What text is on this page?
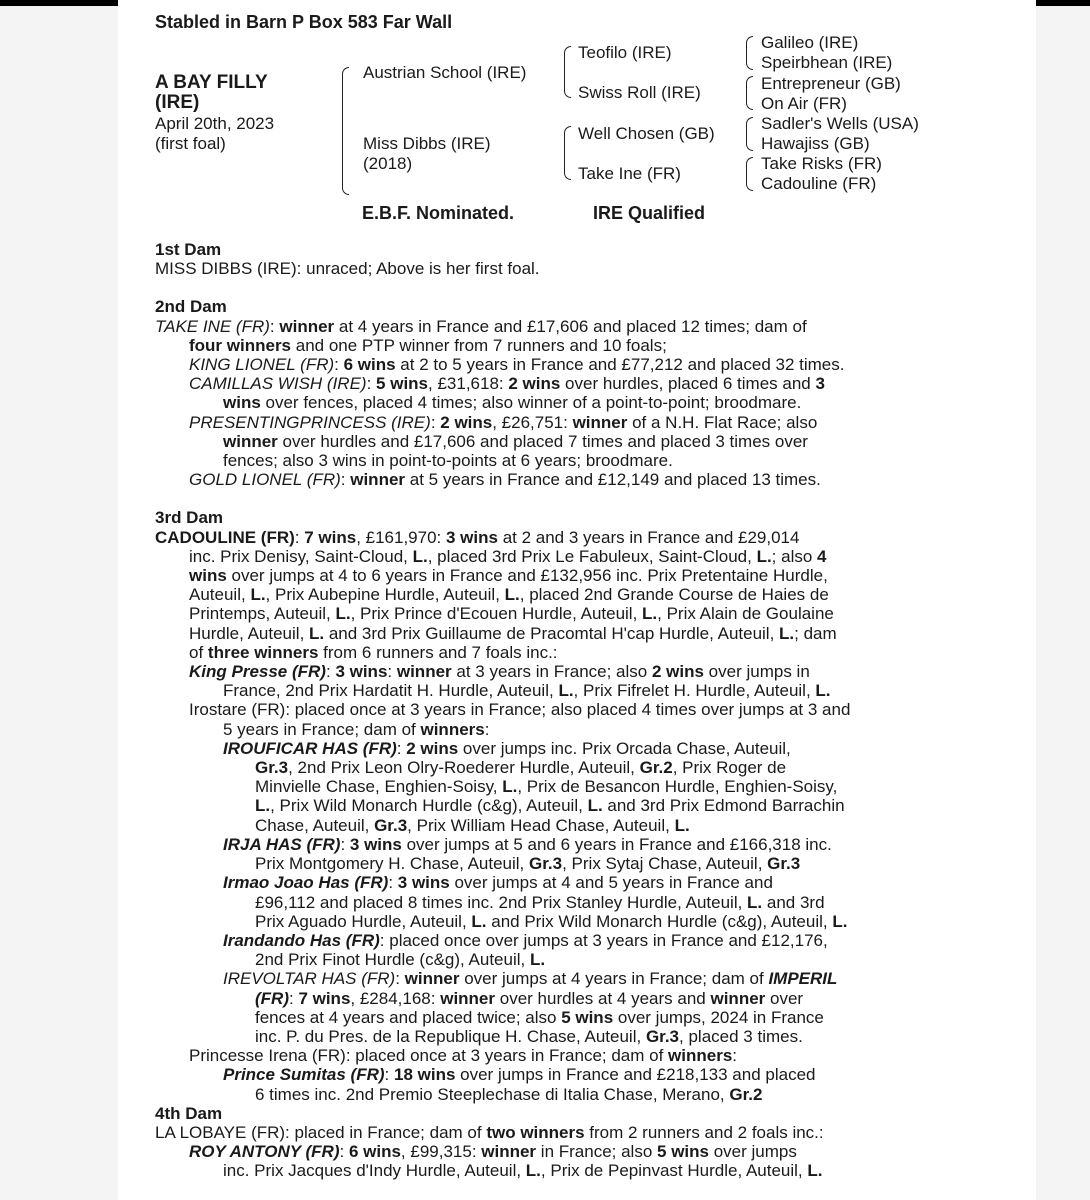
Stabled in Barn P Box 583 Far Wall
A BAY FILLY
(IRE)
April 20th, 2023
(first foal)
Austrian School (IRE)
Miss Dibbs (IRE)
(2018)
Teofilo (IRE)
Swiss Roll (IRE)
Well Chosen (GB)
Take Ine (FR)
Galileo (IRE)
Speirbhean (IRE)
Entrepreneur (GB)
On Air (FR)
Sadler's Wells (USA)
Hawajiss (GB)
Take Risks (FR)
Cadouline (FR)
E.B.F. Nominated.	IRE Qualified

1st Dam

MISS DIBBS (IRE): unraced; Above is her first foal.

2nd Dam

TAKE INE (FR): winner at 4 years in France and £17,606 and placed 12 times; dam of

four winners and one PTP winner from 7 runners and 10 foals;

KING LIONEL (FR): 6 wins at 2 to 5 years in France and £77,212 and placed 32 times.

CAMILLAS WISH (IRE): 5 wins, £31,618: 2 wins over hurdles, placed 6 times and 3

wins over fences, placed 4 times; also winner of a point-to-point; broodmare.

PRESENTINGPRINCESS (IRE): 2 wins, £26,751: winner of a N.H. Flat Race; also

winner over hurdles and £17,606 and placed 7 times and placed 3 times over

fences; also 3 wins in point-to-points at 6 years; broodmare.

GOLD LIONEL (FR): winner at 5 years in France and £12,149 and placed 13 times.

3rd Dam

CADOULINE (FR): 7 wins, £161,970: 3 wins at 2 and 3 years in France and £29,014

inc. Prix Denisy, Saint-Cloud, L., placed 3rd Prix Le Fabuleux, Saint-Cloud, L.; also 4

wins over jumps at 4 to 6 years in France and £132,956 inc. Prix Pretentaine Hurdle,

Auteuil, L., Prix Aubepine Hurdle, Auteuil, L., placed 2nd Grande Course de Haies de

Printemps, Auteuil, L., Prix Prince d'Ecouen Hurdle, Auteuil, L., Prix Alain de Goulaine

Hurdle, Auteuil, L. and 3rd Prix Guillaume de Pracomtal H'cap Hurdle, Auteuil, L.; dam

of three winners from 6 runners and 7 foals inc.:

King Presse (FR): 3 wins: winner at 3 years in France; also 2 wins over jumps in

France, 2nd Prix Hardatit H. Hurdle, Auteuil, L., Prix Fifrelet H. Hurdle, Auteuil, L.

Irostare (FR): placed once at 3 years in France; also placed 4 times over jumps at 3 and

5 years in France; dam of winners:

IROUFICAR HAS (FR): 2 wins over jumps inc. Prix Orcada Chase, Auteuil,

Gr.3, 2nd Prix Leon Olry-Roederer Hurdle, Auteuil, Gr.2, Prix Roger de

Minvielle Chase, Enghien-Soisy, L., Prix de Besancon Hurdle, Enghien-Soisy,

L., Prix Wild Monarch Hurdle (c&g), Auteuil, L. and 3rd Prix Edmond Barrachin

Chase, Auteuil, Gr.3, Prix William Head Chase, Auteuil, L.

IRJA HAS (FR): 3 wins over jumps at 5 and 6 years in France and £166,318 inc.

Prix Montgomery H. Chase, Auteuil, Gr.3, Prix Sytaj Chase, Auteuil, Gr.3

Irmao Joao Has (FR): 3 wins over jumps at 4 and 5 years in France and

£96,112 and placed 8 times inc. 2nd Prix Stanley Hurdle, Auteuil, L. and 3rd

Prix Aguado Hurdle, Auteuil, L. and Prix Wild Monarch Hurdle (c&g), Auteuil, L.

Irandando Has (FR): placed once over jumps at 3 years in France and £12,176,

2nd Prix Finot Hurdle (c&g), Auteuil, L.

IREVOLTAR HAS (FR): winner over jumps at 4 years in France; dam of IMPERIL

(FR): 7 wins, £284,168: winner over hurdles at 4 years and winner over

fences at 4 years and placed twice; also 5 wins over jumps, 2024 in France

inc. P. du Pres. de la Republique H. Chase, Auteuil, Gr.3, placed 3 times.

Princesse Irena (FR): placed once at 3 years in France; dam of winners:

Prince Sumitas (FR): 18 wins over jumps in France and £218,133 and placed

6 times inc. 2nd Premio Steeplechase di Italia Chase, Merano, Gr.2

4th Dam

LA LOBAYE (FR): placed in France; dam of two winners from 2 runners and 2 foals inc.:

ROY ANTONY (FR): 6 wins, £99,315: winner in France; also 5 wins over jumps

inc. Prix Jacques d'Indy Hurdle, Auteuil, L., Prix de Pepinvast Hurdle, Auteuil, L.
